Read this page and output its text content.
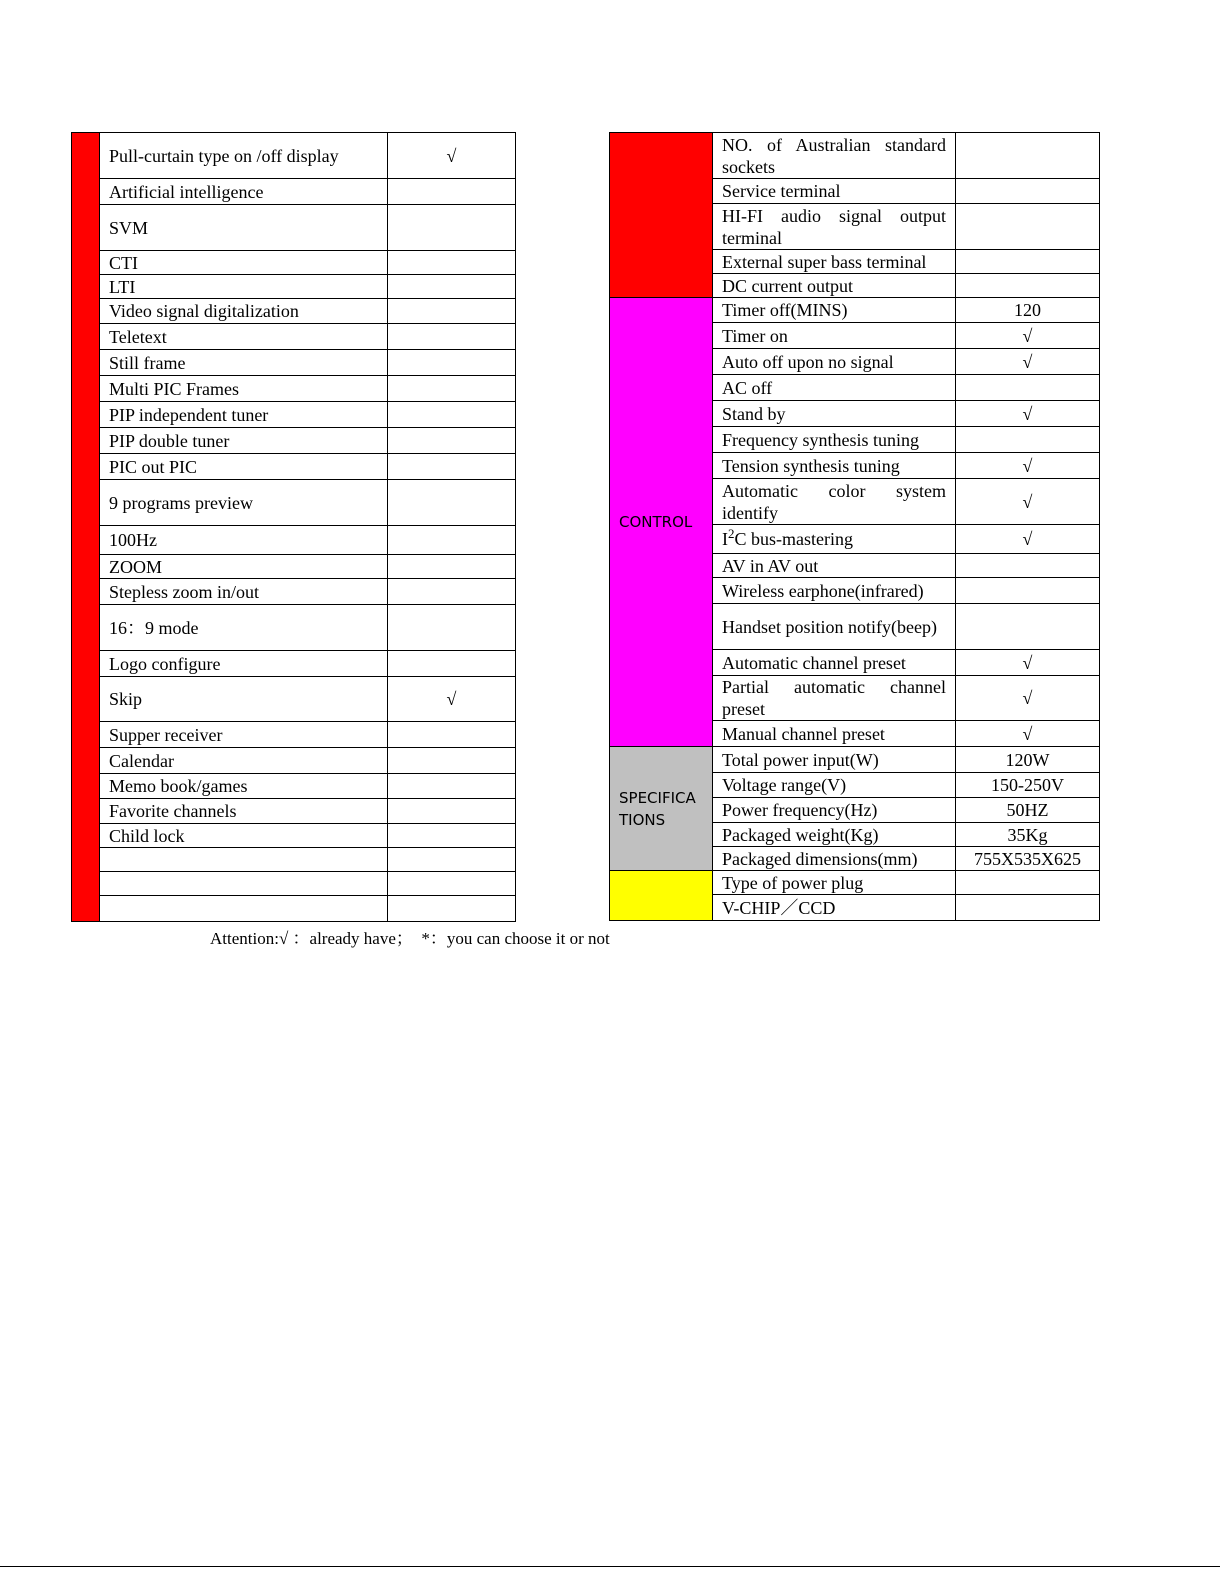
	Pull-curtain type on /off display	√
	Artificial intelligence	
	SVM	
	CTI	
	LTI	
	Video signal digitalization	
	Teletext	
	Still frame	
	Multi PIC Frames	
	PIP independent tuner	
	PIP double tuner	
	PIC out PIC	
	9 programs preview	
	100Hz	
	ZOOM	
	Stepless zoom in/out	
	16：9 mode	
	Logo configure	
	Skip	√
	Supper receiver	
	Calendar	
	Memo book/games	
	Favorite channels	
	Child lock	

	NO. of Australian standard sockets	
	Service terminal	
	HI-FI audio signal output terminal	
	External super bass terminal	
	DC current output	
CONTROL	Timer off(MINS)	120
	Timer on	√
	Auto off upon no signal	√
	AC off	
	Stand by	√
	Frequency synthesis tuning	
	Tension synthesis tuning	√
	Automatic color system identify	√
	$I^2C$ bus-mastering	√
	AV in AV out	
	Wireless earphone(infrared)	
	Handset position notify(beep)	
	Automatic channel preset	√
	Partial automatic channel preset	√
	Manual channel preset	√
SPECIFICA TIONS	Total power input(W)	120W
	Voltage range(V)	150-250V
	Power frequency(Hz)	50HZ
	Packaged weight(Kg)	35Kg
	Packaged dimensions(mm)	755X535X625
	Type of power plug	
	V-CHIP／CCD	
Attention:√ ：already have；  *：you can choose it or not
